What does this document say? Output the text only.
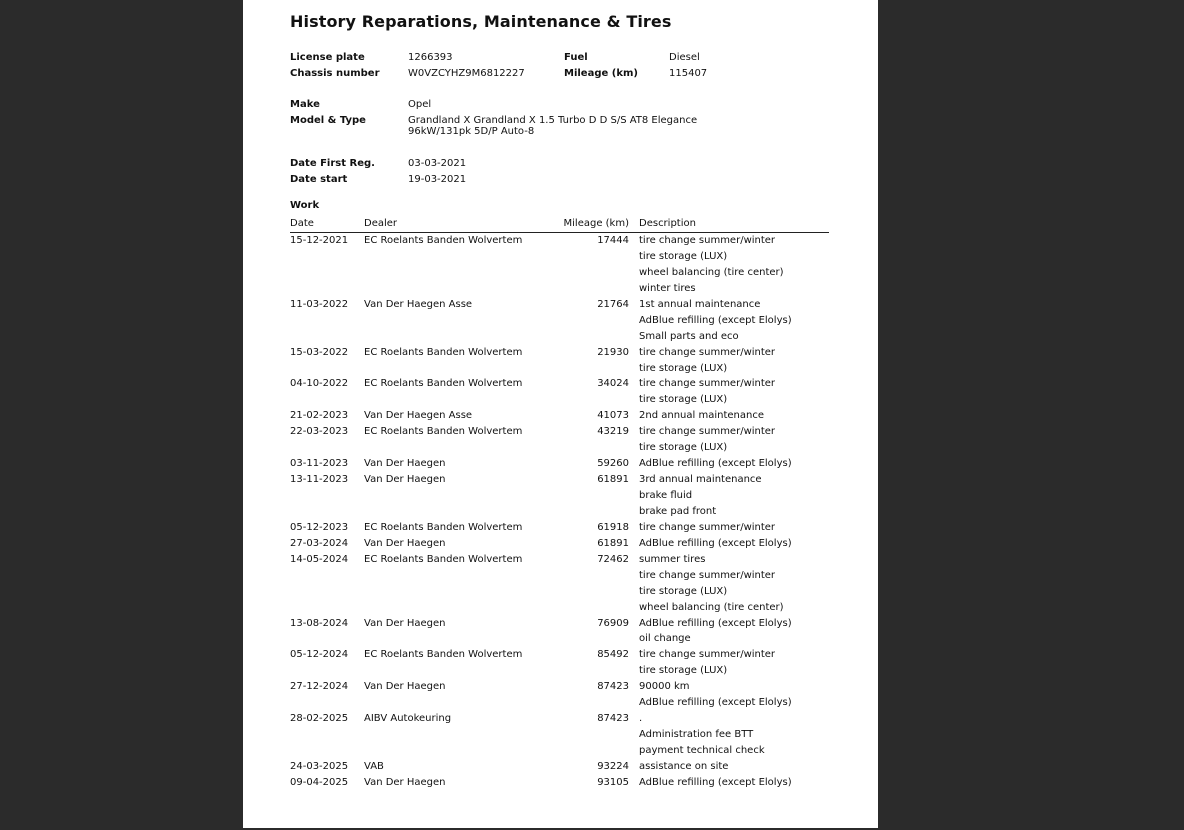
History Reparations, Maintenance & Tires
License plate	1266393	Fuel	Diesel
Chassis number	W0VZCYHZ9M6812227	Mileage (km)	115407
Make	Opel
Model & Type	Grandland X Grandland X 1.5 Turbo D D S/S AT8 Elegance
96kW/131pk 5D/P Auto-8
Date First Reg.	03-03-2021
Date start	19-03-2021
Work
Date	Dealer	Mileage (km) Description
15-12-2021 EC Roelants Banden Wolvertem	17444 tire change summer/winter
tire storage (LUX)
wheel balancing (tire center)
winter tires
11-03-2022 Van Der Haegen Asse	21764 1st annual maintenance
AdBlue refilling (except Elolys)
Small parts and eco
15-03-2022 EC Roelants Banden Wolvertem	21930 tire change summer/winter
tire storage (LUX)
04-10-2022 EC Roelants Banden Wolvertem	34024 tire change summer/winter
tire storage (LUX)
21-02-2023 Van Der Haegen Asse	41073 2nd annual maintenance
22-03-2023 EC Roelants Banden Wolvertem	43219 tire change summer/winter
tire storage (LUX)
03-11-2023 Van Der Haegen	59260 AdBlue refilling (except Elolys)
13-11-2023 Van Der Haegen	61891 3rd annual maintenance
brake fluid
brake pad front
05-12-2023 EC Roelants Banden Wolvertem	61918 tire change summer/winter
27-03-2024 Van Der Haegen	61891 AdBlue refilling (except Elolys)
14-05-2024 EC Roelants Banden Wolvertem	72462 summer tires
tire change summer/winter
tire storage (LUX)
wheel balancing (tire center)
13-08-2024 Van Der Haegen	76909 AdBlue refilling (except Elolys)
oil change
05-12-2024 EC Roelants Banden Wolvertem	85492 tire change summer/winter
tire storage (LUX)
27-12-2024 Van Der Haegen	87423 90000 km
AdBlue refilling (except Elolys)
28-02-2025 AIBV Autokeuring	87423 .
Administration fee BTT
payment technical check
24-03-2025 VAB	93224 assistance on site
09-04-2025 Van Der Haegen	93105 AdBlue refilling (except Elolys)
